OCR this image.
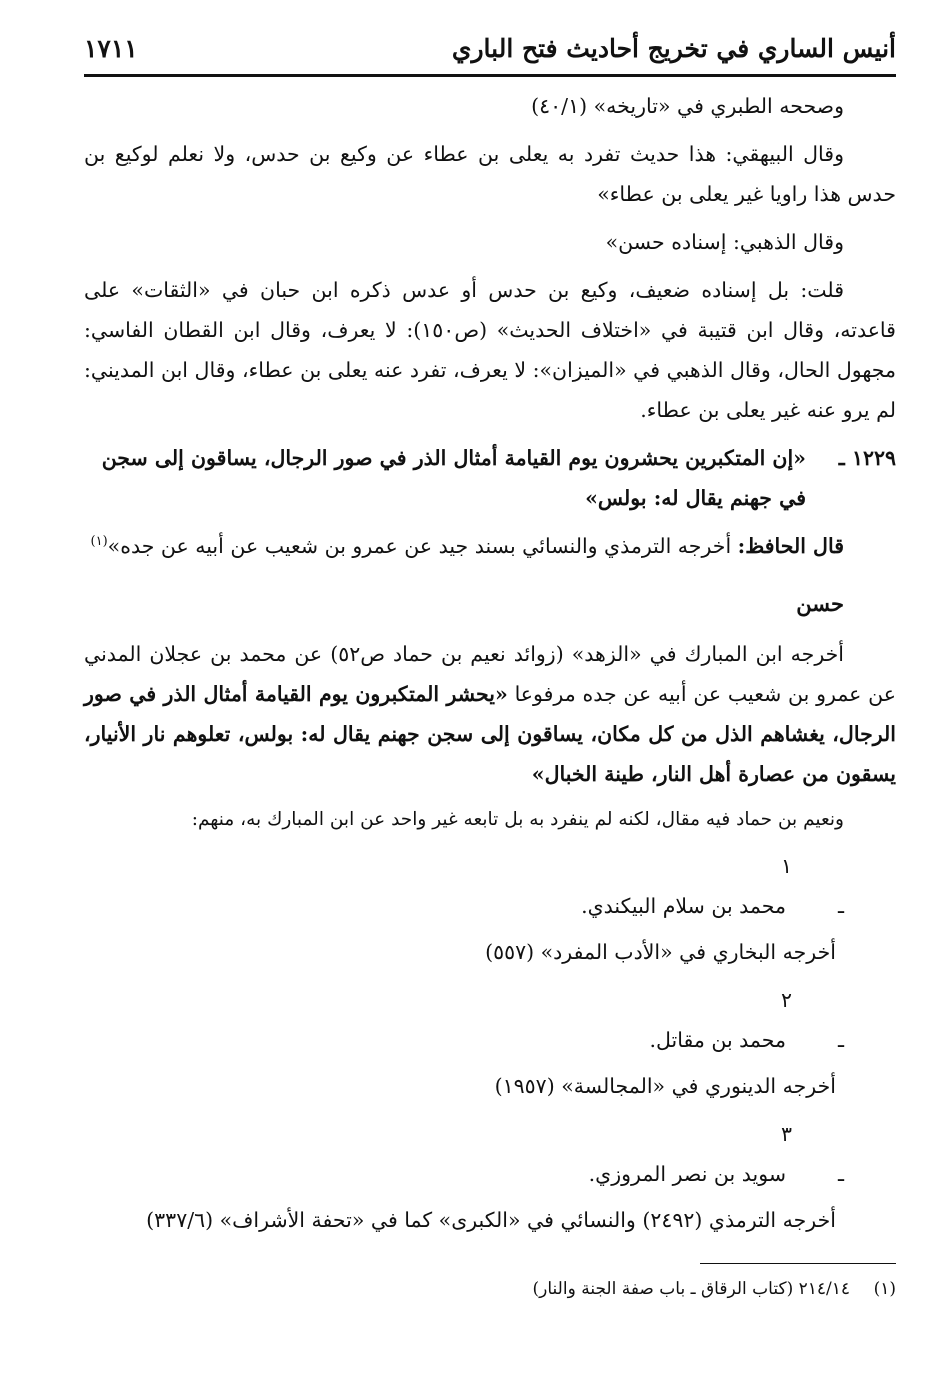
أنيس الساري في تخريج أحاديث فتح الباري
١٧١١

وصححه الطبري في «تاريخه» (٤٠/١)

وقال البيهقي: هذا حديث تفرد به يعلى بن عطاء عن وكيع بن حدس، ولا نعلم لوكيع بن حدس هذا راويا غير يعلى بن عطاء»

وقال الذهبي: إسناده حسن»

قلت: بل إسناده ضعيف، وكيع بن حدس أو عدس ذكره ابن حبان في «الثقات» على قاعدته، وقال ابن قتيبة في «اختلاف الحديث» (ص١٥٠): لا يعرف، وقال ابن القطان الفاسي: مجهول الحال، وقال الذهبي في «الميزان»: لا يعرف، تفرد عنه يعلى بن عطاء، وقال ابن المديني: لم يرو عنه غير يعلى بن عطاء.

١٢٢٩ ـ«إن المتكبرين يحشرون يوم القيامة أمثال الذر في صور الرجال، يساقون إلى سجن في جهنم يقال له: بولس»

قال الحافظ: أخرجه الترمذي والنسائي بسند جيد عن عمرو بن شعيب عن أبيه عن جده»$^{(١)}$

حسن

أخرجه ابن المبارك في «الزهد» (زوائد نعيم بن حماد ص٥٢) عن محمد بن عجلان المدني عن عمرو بن شعيب عن أبيه عن جده مرفوعا «يحشر المتكبرون يوم القيامة أمثال الذر في صور الرجال، يغشاهم الذل من كل مكان، يساقون إلى سجن جهنم يقال له: بولس، تعلوهم نار الأنيار، يسقون من عصارة أهل النار، طينة الخبال»

ونعيم بن حماد فيه مقال، لكنه لم ينفرد به بل تابعه غير واحد عن ابن المبارك به، منهم:

١ ـمحمد بن سلام البيكندي.
أخرجه البخاري في «الأدب المفرد» (٥٥٧)
٢ ـمحمد بن مقاتل.
أخرجه الدينوري في «المجالسة» (١٩٥٧)
٣ ـسويد بن نصر المروزي.
أخرجه الترمذي (٢٤٩٢) والنسائي في «الكبرى» كما في «تحفة الأشراف» (٣٣٧/٦)
(١)٢١٤/١٤ (كتاب الرقاق ـ باب صفة الجنة والنار)
